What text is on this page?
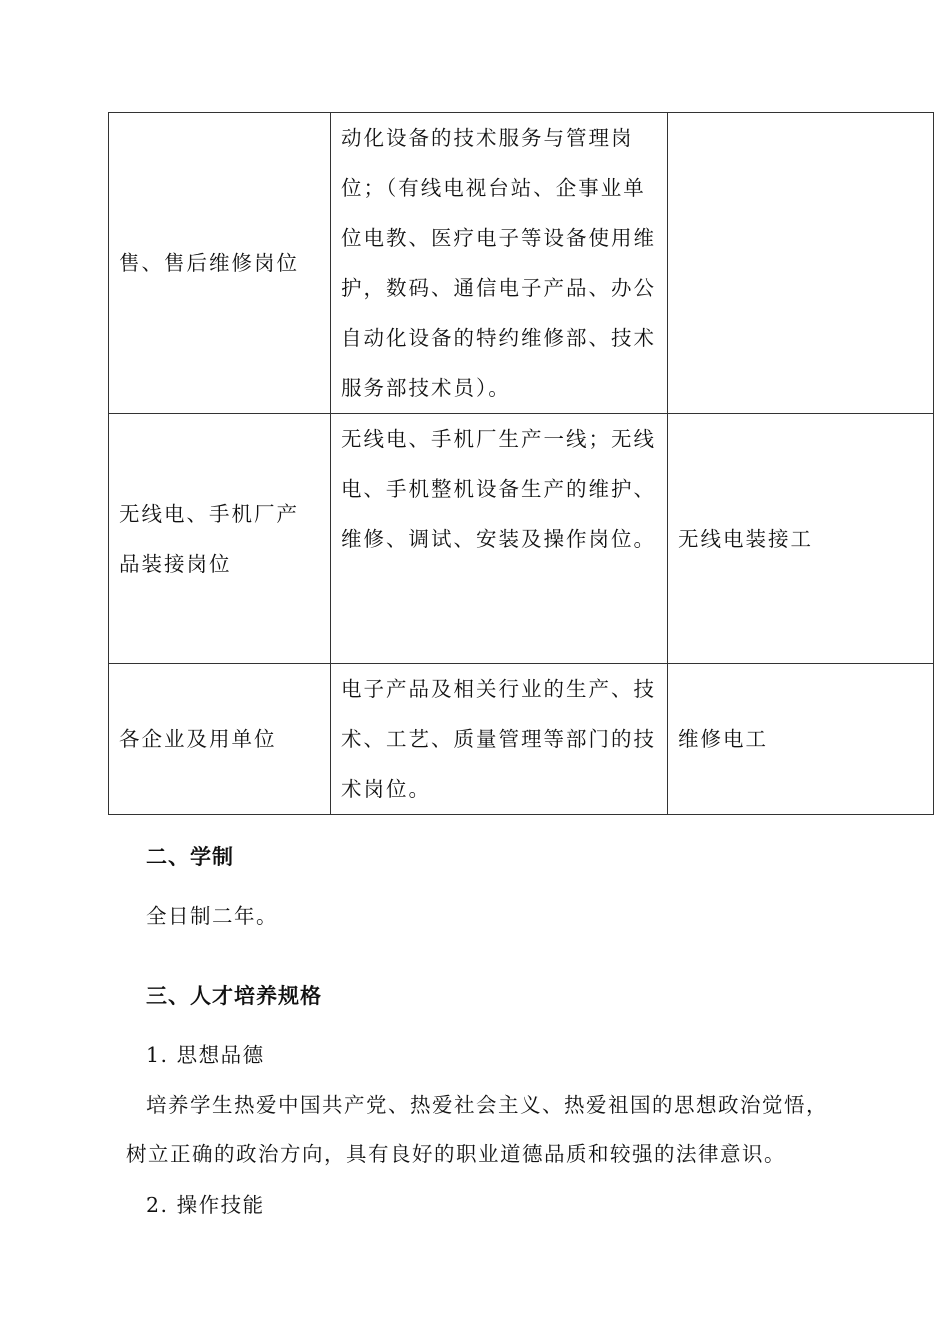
售、售后维修岗位	动化设备的技术服务与管理岗位；（有线电视台站、企事业单位电教、医疗电子等设备使用维护，数码、通信电子产品、办公自动化设备的特约维修部、技术服务部技术员）。	
无线电、手机厂产品装接岗位	无线电、手机厂生产一线；无线电、手机整机设备生产的维护、维修、调试、安装及操作岗位。	无线电装接工
各企业及用单位	电子产品及相关行业的生产、技术、工艺、质量管理等部门的技术岗位。	维修电工
二、学制
全日制二年。
三、人才培养规格
1. 思想品德
培养学生热爱中国共产党、热爱社会主义、热爱祖国的思想政治觉悟，
树立正确的政治方向，具有良好的职业道德品质和较强的法律意识。
2. 操作技能
